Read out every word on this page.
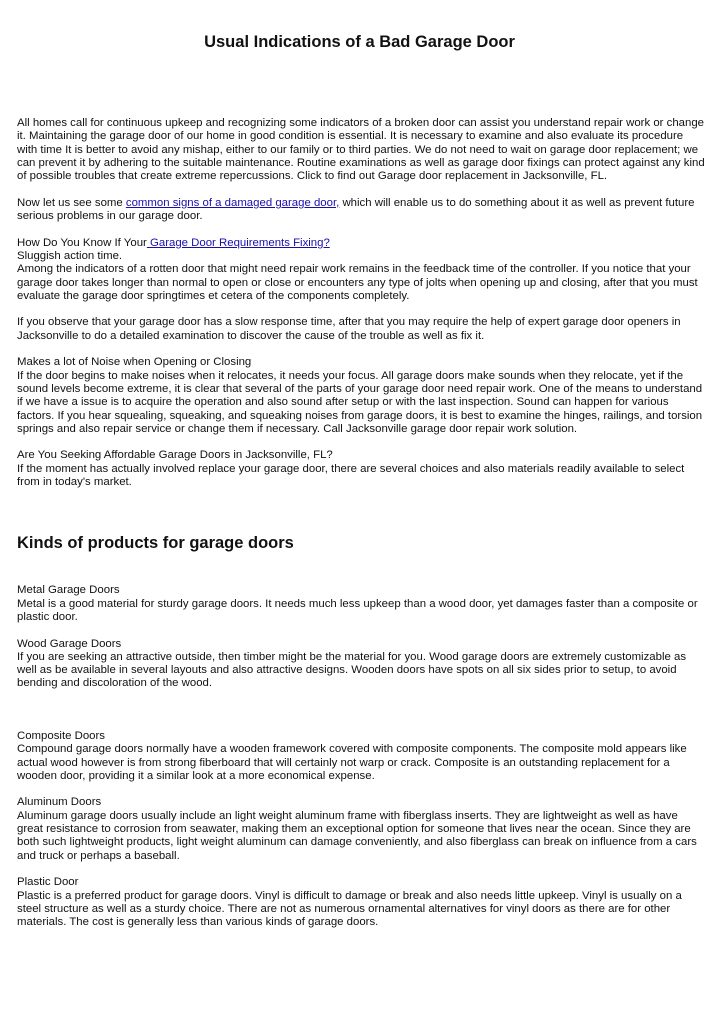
Usual Indications of a Bad Garage Door

All homes call for continuous upkeep and recognizing some indicators of a broken door can assist you understand repair work or change it. Maintaining the garage door of our home in good condition is essential. It is necessary to examine and also evaluate its procedure with time It is better to avoid any mishap, either to our family or to third parties. We do not need to wait on garage door replacement; we can prevent it by adhering to the suitable maintenance. Routine examinations as well as garage door fixings can protect against any kind of possible troubles that create extreme repercussions. Click to find out Garage door replacement in Jacksonville, FL.

Now let us see some common signs of a damaged garage door, which will enable us to do something about it as well as prevent future serious problems in our garage door.

How Do You Know If Your Garage Door Requirements Fixing?
Sluggish action time.
Among the indicators of a rotten door that might need repair work remains in the feedback time of the controller. If you notice that your garage door takes longer than normal to open or close or encounters any type of jolts when opening up and closing, after that you must evaluate the garage door springtimes et cetera of the components completely.

If you observe that your garage door has a slow response time, after that you may require the help of expert garage door openers in Jacksonville to do a detailed examination to discover the cause of the trouble as well as fix it.

Makes a lot of Noise when Opening or Closing
If the door begins to make noises when it relocates, it needs your focus. All garage doors make sounds when they relocate, yet if the sound levels become extreme, it is clear that several of the parts of your garage door need repair work. One of the means to understand if we have a issue is to acquire the operation and also sound after setup or with the last inspection. Sound can happen for various factors. If you hear squealing, squeaking, and squeaking noises from garage doors, it is best to examine the hinges, railings, and torsion springs and also repair service or change them if necessary. Call Jacksonville garage door repair work solution.

Are You Seeking Affordable Garage Doors in Jacksonville, FL?
If the moment has actually involved replace your garage door, there are several choices and also materials readily available to select from in today's market.

Kinds of products for garage doors

Metal Garage Doors
Metal is a good material for sturdy garage doors. It needs much less upkeep than a wood door, yet damages faster than a composite or plastic door.

Wood Garage Doors
If you are seeking an attractive outside, then timber might be the material for you. Wood garage doors are extremely customizable as well as be available in several layouts and also attractive designs. Wooden doors have spots on all six sides prior to setup, to avoid bending and discoloration of the wood.

Composite Doors
Compound garage doors normally have a wooden framework covered with composite components. The composite mold appears like actual wood however is from strong fiberboard that will certainly not warp or crack. Composite is an outstanding replacement for a wooden door, providing it a similar look at a more economical expense.

Aluminum Doors
Aluminum garage doors usually include an light weight aluminum frame with fiberglass inserts. They are lightweight as well as have great resistance to corrosion from seawater, making them an exceptional option for someone that lives near the ocean. Since they are both such lightweight products, light weight aluminum can damage conveniently, and also fiberglass can break on influence from a cars and truck or perhaps a baseball.

Plastic Door
Plastic is a preferred product for garage doors. Vinyl is difficult to damage or break and also needs little upkeep. Vinyl is usually on a steel structure as well as a sturdy choice. There are not as numerous ornamental alternatives for vinyl doors as there are for other materials. The cost is generally less than various kinds of garage doors.
